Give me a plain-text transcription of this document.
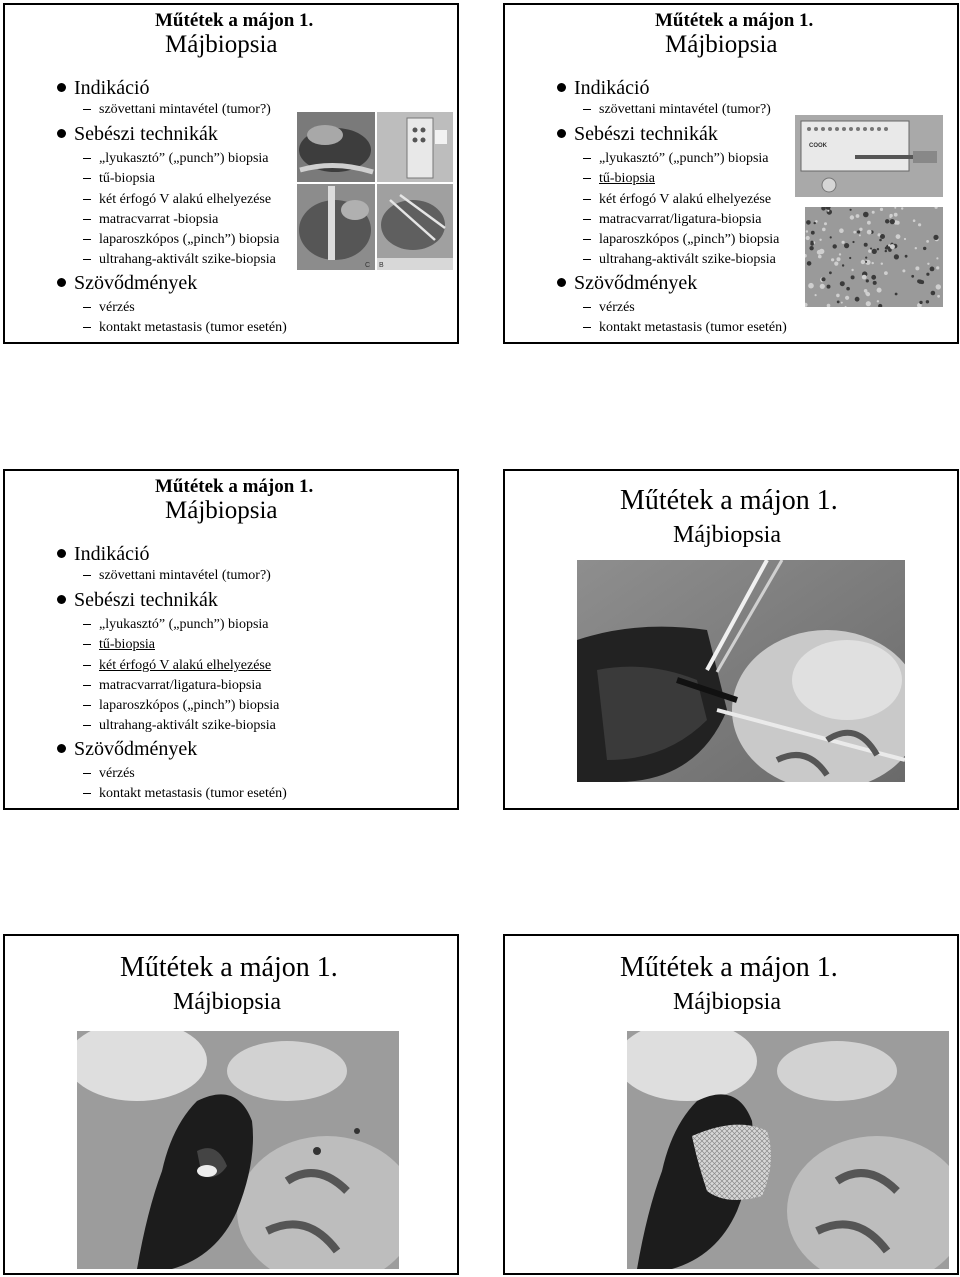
Műtétek a májon 1.
Májbiopsia
Indikáció
szövettani mintavétel (tumor?)
Sebészi technikák
„lyukasztó” („punch”) biopsia
tű-biopsia
két érfogó V alakú elhelyezése
matracvarrat -biopsia
laparoszkópos („pinch”) biopsia
ultrahang-aktivált szike-biopsia
Szövődmények
vérzés
kontakt metastasis (tumor esetén)
C B
Műtétek a májon 1.
Májbiopsia
Indikáció
szövettani mintavétel (tumor?)
Sebészi technikák
„lyukasztó” („punch”) biopsia
tű-biopsia
két érfogó V alakú elhelyezése
matracvarrat/ligatura-biopsia
laparoszkópos („pinch”) biopsia
ultrahang-aktivált szike-biopsia
Szövődmények
vérzés
kontakt metastasis (tumor esetén)
COOK
Műtétek a májon 1.
Májbiopsia
Indikáció
szövettani mintavétel (tumor?)
Sebészi technikák
„lyukasztó” („punch”) biopsia
tű-biopsia
két érfogó V alakú elhelyezése
matracvarrat/ligatura-biopsia
laparoszkópos („pinch”) biopsia
ultrahang-aktivált szike-biopsia
Szövődmények
vérzés
kontakt metastasis (tumor esetén)
Műtétek a májon 1.
Májbiopsia
Műtétek a májon 1.
Májbiopsia
Műtétek a májon 1.
Májbiopsia
